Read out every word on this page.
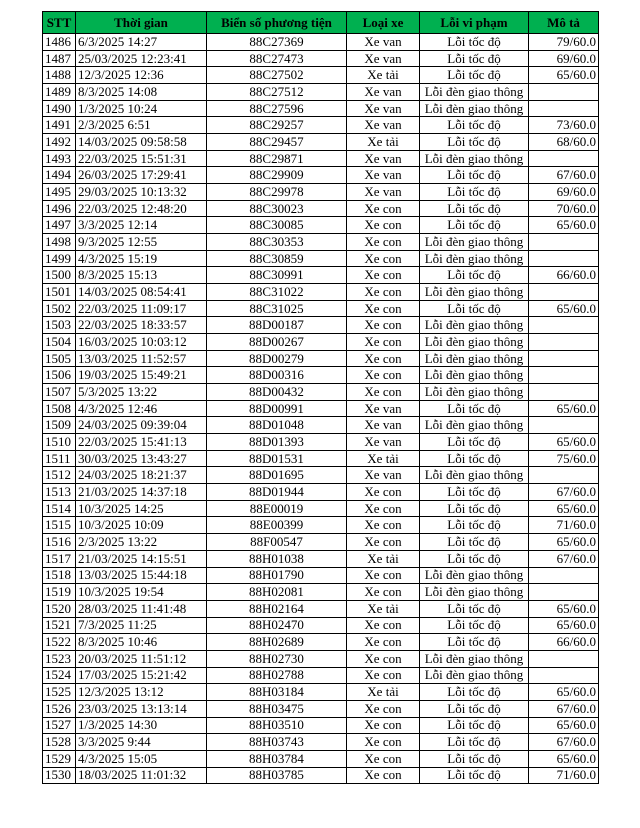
STT	Thời gian	Biển số phương tiện	Loại xe	Lỗi vi phạm	Mô tả
1486	6/3/2025 14:27	88C27369	Xe van	Lỗi tốc độ	79/60.0
1487	25/03/2025 12:23:41	88C27473	Xe van	Lỗi tốc độ	69/60.0
1488	12/3/2025 12:36	88C27502	Xe tải	Lỗi tốc độ	65/60.0
1489	8/3/2025 14:08	88C27512	Xe van	Lỗi đèn giao thông	
1490	1/3/2025 10:24	88C27596	Xe van	Lỗi đèn giao thông	
1491	2/3/2025 6:51	88C29257	Xe van	Lỗi tốc độ	73/60.0
1492	14/03/2025 09:58:58	88C29457	Xe tải	Lỗi tốc độ	68/60.0
1493	22/03/2025 15:51:31	88C29871	Xe van	Lỗi đèn giao thông	
1494	26/03/2025 17:29:41	88C29909	Xe van	Lỗi tốc độ	67/60.0
1495	29/03/2025 10:13:32	88C29978	Xe van	Lỗi tốc độ	69/60.0
1496	22/03/2025 12:48:20	88C30023	Xe con	Lỗi tốc độ	70/60.0
1497	3/3/2025 12:14	88C30085	Xe con	Lỗi tốc độ	65/60.0
1498	9/3/2025 12:55	88C30353	Xe con	Lỗi đèn giao thông	
1499	4/3/2025 15:19	88C30859	Xe con	Lỗi đèn giao thông	
1500	8/3/2025 15:13	88C30991	Xe con	Lỗi tốc độ	66/60.0
1501	14/03/2025 08:54:41	88C31022	Xe con	Lỗi đèn giao thông	
1502	22/03/2025 11:09:17	88C31025	Xe con	Lỗi tốc độ	65/60.0
1503	22/03/2025 18:33:57	88D00187	Xe con	Lỗi đèn giao thông	
1504	16/03/2025 10:03:12	88D00267	Xe con	Lỗi đèn giao thông	
1505	13/03/2025 11:52:57	88D00279	Xe con	Lỗi đèn giao thông	
1506	19/03/2025 15:49:21	88D00316	Xe con	Lỗi đèn giao thông	
1507	5/3/2025 13:22	88D00432	Xe con	Lỗi đèn giao thông	
1508	4/3/2025 12:46	88D00991	Xe van	Lỗi tốc độ	65/60.0
1509	24/03/2025 09:39:04	88D01048	Xe van	Lỗi đèn giao thông	
1510	22/03/2025 15:41:13	88D01393	Xe van	Lỗi tốc độ	65/60.0
1511	30/03/2025 13:43:27	88D01531	Xe tải	Lỗi tốc độ	75/60.0
1512	24/03/2025 18:21:37	88D01695	Xe van	Lỗi đèn giao thông	
1513	21/03/2025 14:37:18	88D01944	Xe con	Lỗi tốc độ	67/60.0
1514	10/3/2025 14:25	88E00019	Xe con	Lỗi tốc độ	65/60.0
1515	10/3/2025 10:09	88E00399	Xe con	Lỗi tốc độ	71/60.0
1516	2/3/2025 13:22	88F00547	Xe con	Lỗi tốc độ	65/60.0
1517	21/03/2025 14:15:51	88H01038	Xe tải	Lỗi tốc độ	67/60.0
1518	13/03/2025 15:44:18	88H01790	Xe con	Lỗi đèn giao thông	
1519	10/3/2025 19:54	88H02081	Xe con	Lỗi đèn giao thông	
1520	28/03/2025 11:41:48	88H02164	Xe tải	Lỗi tốc độ	65/60.0
1521	7/3/2025 11:25	88H02470	Xe con	Lỗi tốc độ	65/60.0
1522	8/3/2025 10:46	88H02689	Xe con	Lỗi tốc độ	66/60.0
1523	20/03/2025 11:51:12	88H02730	Xe con	Lỗi đèn giao thông	
1524	17/03/2025 15:21:42	88H02788	Xe con	Lỗi đèn giao thông	
1525	12/3/2025 13:12	88H03184	Xe tải	Lỗi tốc độ	65/60.0
1526	23/03/2025 13:13:14	88H03475	Xe con	Lỗi tốc độ	67/60.0
1527	1/3/2025 14:30	88H03510	Xe con	Lỗi tốc độ	65/60.0
1528	3/3/2025 9:44	88H03743	Xe con	Lỗi tốc độ	67/60.0
1529	4/3/2025 15:05	88H03784	Xe con	Lỗi tốc độ	65/60.0
1530	18/03/2025 11:01:32	88H03785	Xe con	Lỗi tốc độ	71/60.0
